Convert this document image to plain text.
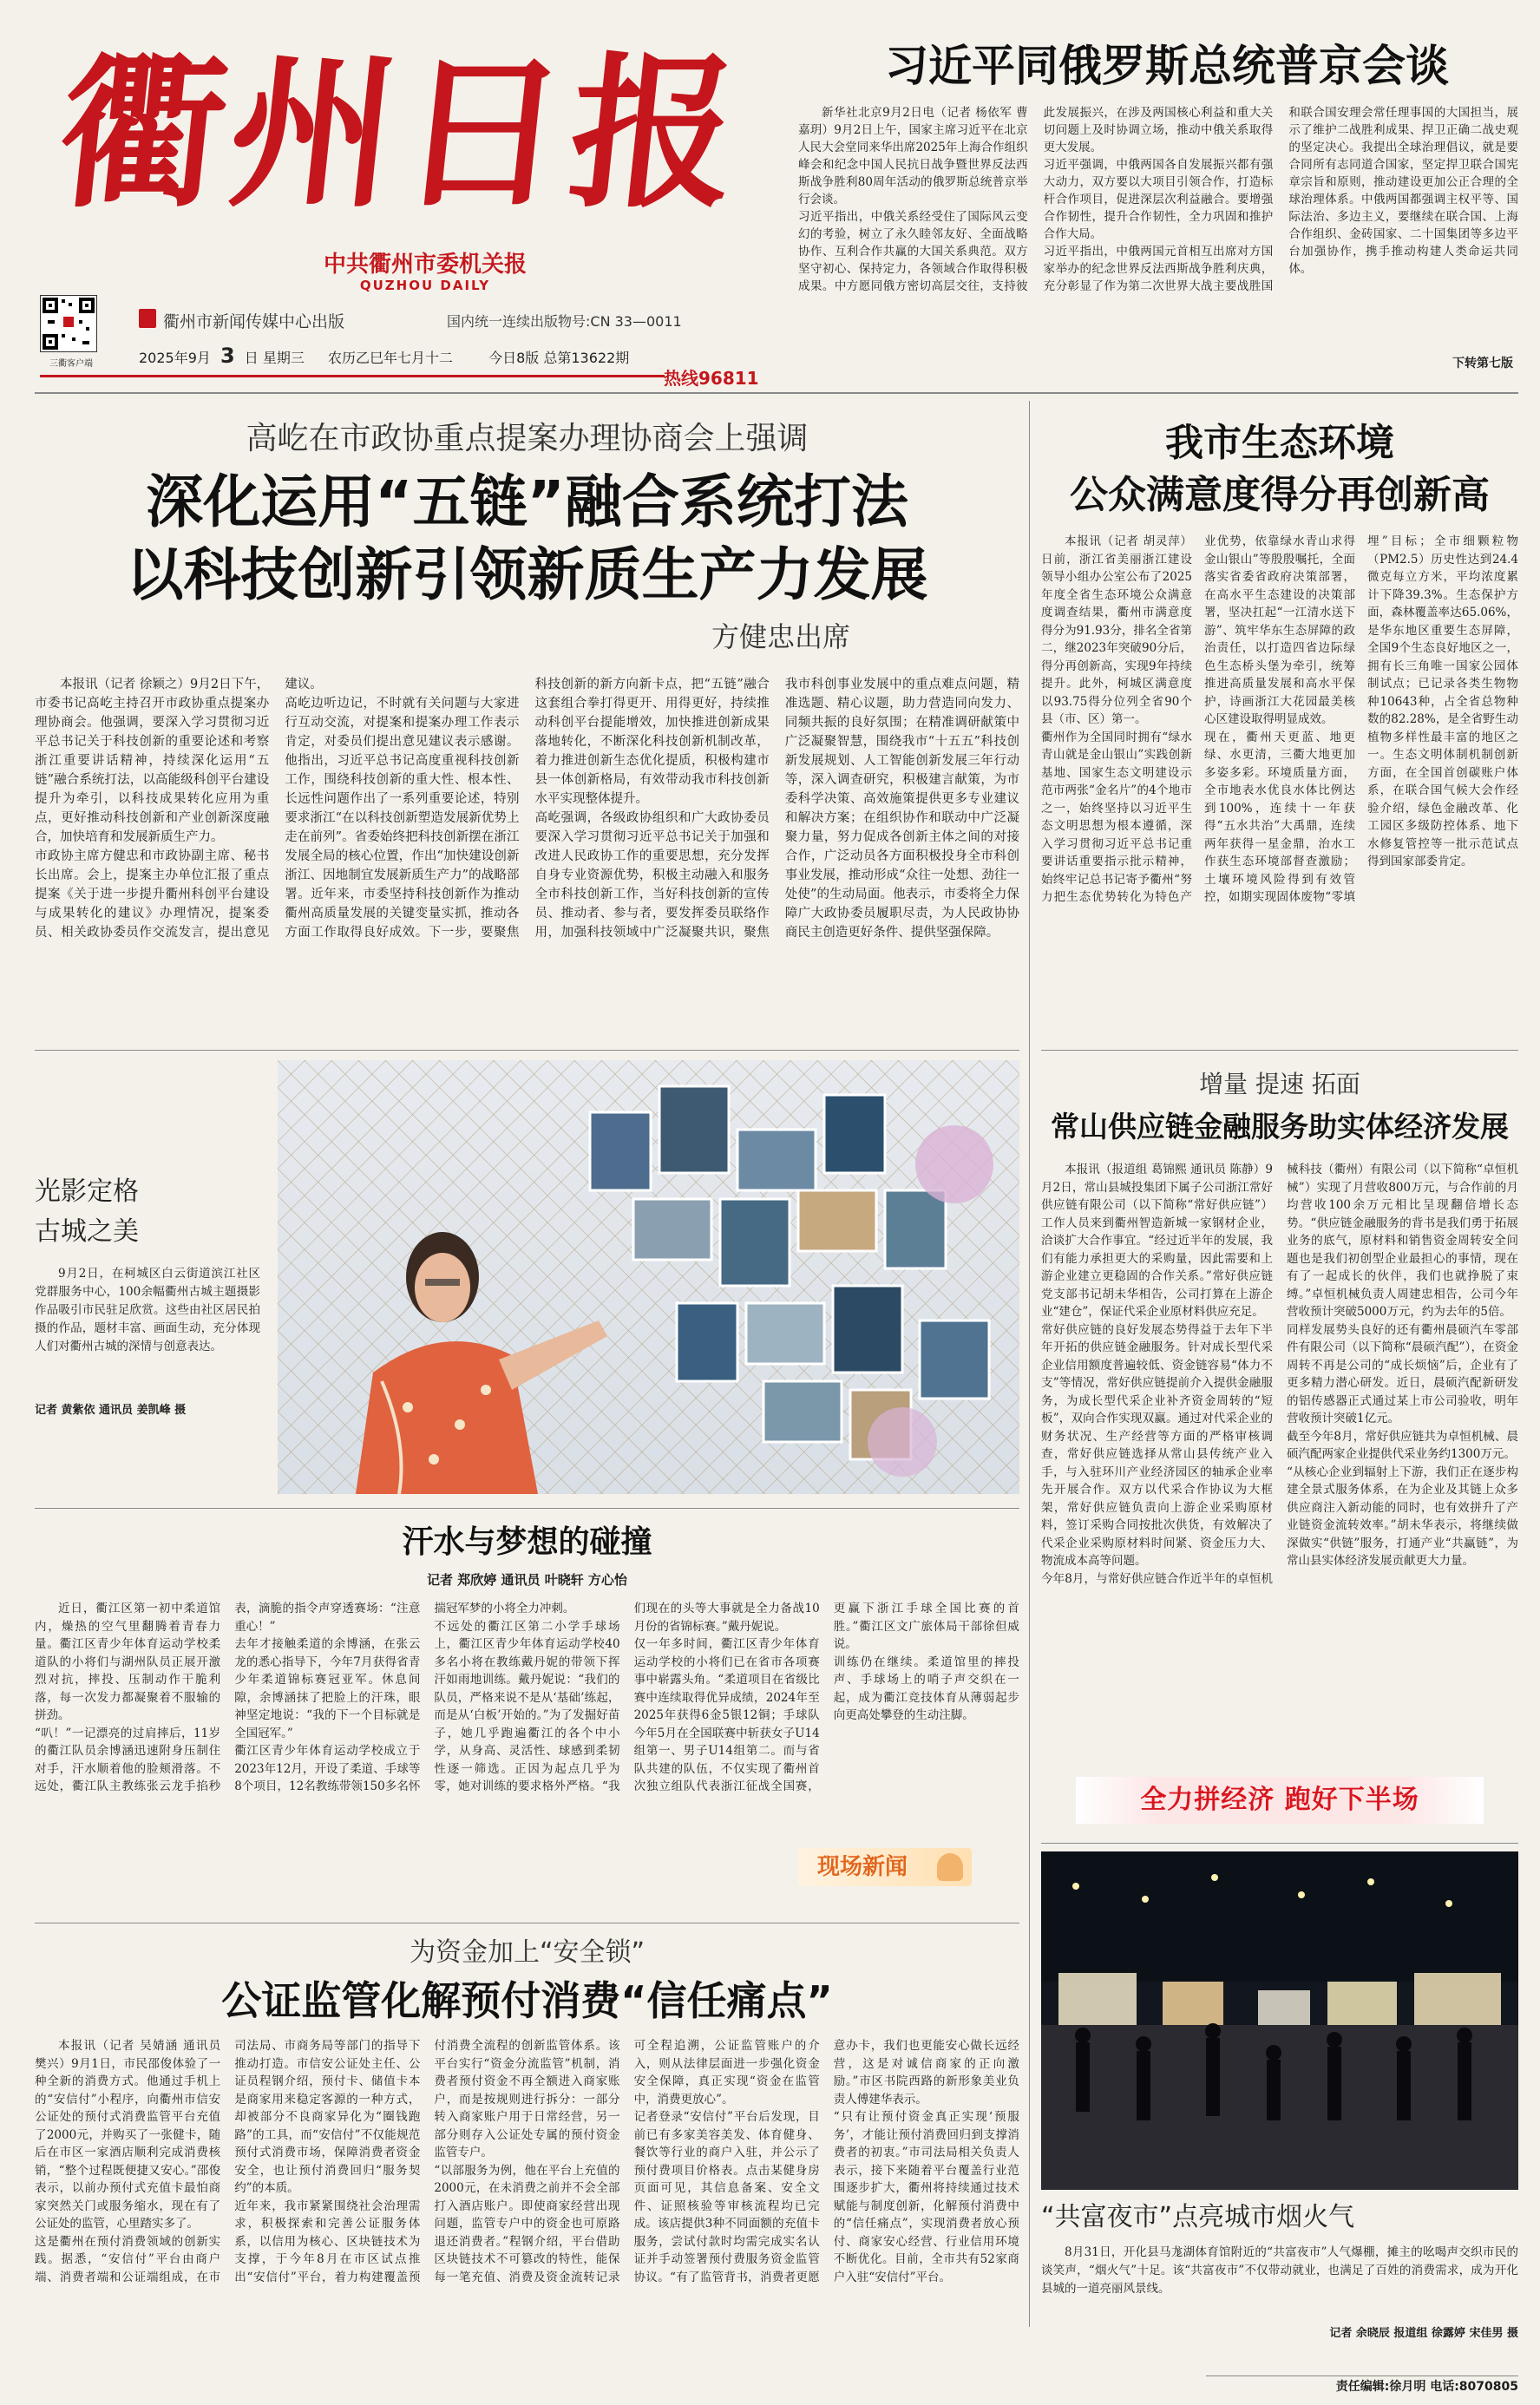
衢州日报
中共衢州市委机关报
QUZHOU DAILY
三衢客户端
衢州市新闻传媒中心出版	国内统一连续出版物号:CN 33—0011
2025年9月 3 日 星期三 农历乙巳年七月十二	今日8版 总第13622期
热线96811
习近平同俄罗斯总统普京会谈
新华社北京9月2日电（记者 杨依军 曹嘉玥）9月2日上午，国家主席习近平在北京人民大会堂同来华出席2025年上海合作组织峰会和纪念中国人民抗日战争暨世界反法西斯战争胜利80周年活动的俄罗斯总统普京举行会谈。
习近平指出，中俄关系经受住了国际风云变幻的考验，树立了永久睦邻友好、全面战略协作、互利合作共赢的大国关系典范。双方坚守初心、保持定力，各领域合作取得积极成果。中方愿同俄方密切高层交往，支持彼此发展振兴，在涉及两国核心利益和重大关切问题上及时协调立场，推动中俄关系取得更大发展。
习近平强调，中俄两国各自发展振兴都有强大动力，双方要以大项目引领合作，打造标杆合作项目，促进深层次利益融合。要增强合作韧性，提升合作韧性，全力巩固和推护合作大局。
习近平指出，中俄两国元首相互出席对方国家举办的纪念世界反法西斯战争胜利庆典，充分彰显了作为第二次世界大战主要战胜国和联合国安理会常任理事国的大国担当，展示了维护二战胜利成果、捍卫正确二战史观的坚定决心。我提出全球治理倡议，就是要合同所有志同道合国家，坚定捍卫联合国宪章宗旨和原则，推动建设更加公正合理的全球治理体系。中俄两国都强调主权平等、国际法治、多边主义，要继续在联合国、上海合作组织、金砖国家、二十国集团等多边平台加强协作，携手推动构建人类命运共同体。
下转第七版
高屹在市政协重点提案办理协商会上强调
深化运用“五链”融合系统打法
以科技创新引领新质生产力发展
方健忠出席
本报讯（记者 徐颖之）9月2日下午，市委书记高屹主持召开市政协重点提案办理协商会。他强调，要深入学习贯彻习近平总书记关于科技创新的重要论述和考察浙江重要讲话精神，持续深化运用“五链”融合系统打法，以高能级科创平台建设提升为牵引，以科技成果转化应用为重点，更好推动科技创新和产业创新深度融合，加快培育和发展新质生产力。
市政协主席方健忠和市政协副主席、秘书长出席。会上，提案主办单位汇报了重点提案《关于进一步提升衢州科创平台建设与成果转化的建议》办理情况，提案委员、相关政协委员作交流发言，提出意见建议。
高屹边听边记，不时就有关问题与大家进行互动交流，对提案和提案办理工作表示肯定，对委员们提出意见建议表示感谢。他指出，习近平总书记高度重视科技创新工作，围绕科技创新的重大性、根本性、长远性问题作出了一系列重要论述，特别要求浙江“在以科技创新塑造发展新优势上走在前列”。省委始终把科技创新摆在浙江发展全局的核心位置，作出“加快建设创新浙江、因地制宜发展新质生产力”的战略部署。近年来，市委坚持科技创新作为推动衢州高质量发展的关键变量实抓，推动各方面工作取得良好成效。下一步，要聚焦科技创新的新方向新卡点，把“五链”融合这套组合拳打得更开、用得更好，持续推动科创平台提能增效，加快推进创新成果落地转化，不断深化科技创新机制改革，着力推进创新生态优化提质，积极构建市县一体创新格局，有效带动我市科技创新水平实现整体提升。
高屹强调，各级政协组织和广大政协委员要深入学习贯彻习近平总书记关于加强和改进人民政协工作的重要思想，充分发挥自身专业资源优势，积极主动融入和服务全市科技创新工作，当好科技创新的宣传员、推动者、参与者，要发挥委员联络作用，加强科技领域中广泛凝聚共识，聚焦我市科创事业发展中的重点难点问题，精准选题、精心议题，助力营造同向发力、同频共振的良好氛围；在精准调研献策中广泛凝聚智慧，围绕我市“十五五”科技创新发展规划、人工智能创新发展三年行动等，深入调查研究，积极建言献策，为市委科学决策、高效施策提供更多专业建议和解决方案；在组织协作和联动中广泛凝聚力量，努力促成各创新主体之间的对接合作，广泛动员各方面积极投身全市科创事业发展，推动形成“众往一处想、劲往一处使”的生动局面。他表示，市委将全力保障广大政协委员履职尽责，为人民政协协商民主创造更好条件、提供坚强保障。
我市生态环境
公众满意度得分再创新高
本报讯（记者 胡灵萍）日前，浙江省美丽浙江建设领导小组办公室公布了2025年度全省生态环境公众满意度调查结果，衢州市满意度得分为91.93分，排名全省第二，继2023年突破90分后，得分再创新高，实现9年持续提升。此外，柯城区满意度以93.75得分位列全省90个县（市、区）第一。
衢州作为全国同时拥有“绿水青山就是金山银山”实践创新基地、国家生态文明建设示范市两张“金名片”的4个地市之一，始终坚持以习近平生态文明思想为根本遵循，深入学习贯彻习近平总书记重要讲话重要指示批示精神，始终牢记总书记寄予衢州“努力把生态优势转化为特色产业优势，依靠绿水青山求得金山银山”等殷殷嘱托，全面落实省委省政府决策部署，在高水平生态建设的决策部署，坚决扛起“一江清水送下游”、筑牢华东生态屏障的政治责任，以打造四省边际绿色生态桥头堡为牵引，统筹推进高质量发展和高水平保护，诗画浙江大花园最美核心区建设取得明显成效。
现在，衢州天更蓝、地更绿、水更清，三衢大地更加多姿多彩。环境质量方面，全市地表水优良水体比例达到100%，连续十一年获得“五水共治”大禹鼎，连续两年获得一星金鼎，治水工作获生态环境部督查激励；土壤环境风险得到有效管控，如期实现固体废物“零填埋”目标；全市细颗粒物（PM2.5）历史性达到24.4微克每立方米，平均浓度累计下降39.3%。生态保护方面，森林覆盖率达65.06%，是华东地区重要生态屏障，全国9个生态良好地区之一，拥有长三角唯一国家公园体制试点；已记录各类生物物种10643种，占全省总物种数的82.28%，是全省野生动植物多样性最丰富的地区之一。生态文明体制机制创新方面，在全国首创碳账户体系，在联合国气候大会作经验介绍，绿色金融改革、化工园区多级防控体系、地下水修复管控等一批示范试点得到国家部委肯定。
光影定格
古城之美
9月2日，在柯城区白云街道滨江社区党群服务中心，100余幅衢州古城主题摄影作品吸引市民驻足欣赏。这些由社区居民拍摄的作品，题材丰富、画面生动，充分体现人们对衢州古城的深情与创意表达。
记者 黄紫依 通讯员 姜凯峰 摄
增量 提速 拓面
常山供应链金融服务助实体经济发展
本报讯（报道组 葛锦熙 通讯员 陈静）9月2日，常山县城投集团下属子公司浙江常好供应链有限公司（以下简称“常好供应链”）工作人员来到衢州智造新城一家钢材企业，洽谈扩大合作事宜。“经过近半年的发展，我们有能力承担更大的采购量，因此需要和上游企业建立更稳固的合作关系。”常好供应链党支部书记胡未华相告，公司打算在上游企业“建仓”，保证代采企业原材料供应充足。
常好供应链的良好发展态势得益于去年下半年开拓的供应链金融服务。针对成长型代采企业信用额度普遍较低、资金链容易“体力不支”等情况，常好供应链提前介入提供金融服务，为成长型代采企业补齐资金周转的“短板”，双向合作实现双赢。通过对代采企业的财务状况、生产经营等方面的严格审核调查，常好供应链选择从常山县传统产业入手，与入驻环川产业经济园区的轴承企业率先开展合作。双方以代采合作协议为大框架，常好供应链负责向上游企业采购原材料，签订采购合同按批次供货，有效解决了代采企业采购原材料时间紧、资金压力大、物流成本高等问题。
今年8月，与常好供应链合作近半年的卓恒机械科技（衢州）有限公司（以下简称“卓恒机械”）实现了月营收800万元，与合作前的月均营收100余万元相比呈现翻倍增长态势。“供应链金融服务的背书是我们勇于拓展业务的底气，原材料和销售资金周转安全问题也是我们初创型企业最担心的事情，现在有了一起成长的伙伴，我们也就挣脱了束缚。”卓恒机械负责人周建忠相告，公司今年营收预计突破5000万元，约为去年的5倍。
同样发展势头良好的还有衢州晨硕汽车零部件有限公司（以下简称“晨硕汽配”），在资金周转不再是公司的“成长烦恼”后，企业有了更多精力潜心研发。近日，晨硕汽配新研发的铝传感器正式通过某上市公司验收，明年营收预计突破1亿元。
截至今年8月，常好供应链共为卓恒机械、晨硕汽配两家企业提供代采业务约1300万元。
“从核心企业到辐射上下游，我们正在逐步构建全景式服务体系，在为企业及其链上众多供应商注入新动能的同时，也有效拼升了产业链资金流转效率。”胡未华表示，将继续做深做实“供链”服务，打通产业“共赢链”，为常山县实体经济发展贡献更大力量。
全力拼经济 跑好下半场
汗水与梦想的碰撞
记者 郑欣婷 通讯员 叶晓轩 方心怡
近日，衢江区第一初中柔道馆内，燥热的空气里翻腾着青春力量。衢江区青少年体育运动学校柔道队的小将们与湖州队员正展开激烈对抗，摔投、压制动作干脆利落，每一次发力都凝聚着不服输的拼劲。
“叭！”一记漂亮的过肩摔后，11岁的衢江队员余博涵迅速附身压制住对手，汗水顺着他的脸颊滑落。不远处，衢江队主教练张云龙手掐秒表，滴脆的指令声穿透赛场：“注意重心！”
去年才接触柔道的余博涵，在张云龙的悉心指导下，今年7月获得省青少年柔道锦标赛冠亚军。休息间隙，余博涵抹了把脸上的汗珠，眼神坚定地说：“我的下一个目标就是全国冠军。”
衢江区青少年体育运动学校成立于2023年12月，开设了柔道、手球等8个项目，12名教练带领150多名怀揣冠军梦的小将全力冲刺。
不远处的衢江区第二小学手球场上，衢江区青少年体育运动学校40多名小将在教练戴丹妮的带领下挥汗如雨地训练。戴丹妮说：“我们的队员，严格来说不是从‘基础’练起，而是从‘白板’开始的。”为了发掘好苗子，她几乎跑遍衢江的各个中小学，从身高、灵活性、球感到柔韧性逐一筛选。正因为起点几乎为零，她对训练的要求格外严格。“我们现在的头等大事就是全力备战10月份的省锦标赛。”戴丹妮说。
仅一年多时间，衢江区青少年体育运动学校的小将们已在省市各项赛事中崭露头角。“柔道项目在省级比赛中连续取得优异成绩，2024年至2025年获得6金5银12铜；手球队今年5月在全国联赛中斩获女子U14组第一、男子U14组第二。而与省队共建的队伍，不仅实现了衢州首次独立组队代表浙江征战全国赛，更赢下浙江手球全国比赛的首胜。”衢江区文广旅体局干部徐但威说。
训练仍在继续。柔道馆里的摔投声、手球场上的哨子声交织在一起，成为衢江竞技体育从薄弱起步向更高处攀登的生动注脚。
现场新闻
为资金加上“安全锁”
公证监管化解预付消费“信任痛点”
本报讯（记者 吴婧涵 通讯员 樊兴）9月1日，市民邵俊体验了一种全新的消费方式。他通过手机上的“安信付”小程序，向衢州市信安公证处的预付式消费监管平台充值了2000元，并购买了一张健卡，随后在市区一家酒店顺利完成消费核销，“整个过程既便捷又安心。”邵俊表示，以前办预付式充值卡最怕商家突然关门或服务缩水，现在有了公证处的监管，心里踏实多了。
这是衢州在预付消费领域的创新实践。据悉，“安信付”平台由商户端、消费者端和公证端组成，在市司法局、市商务局等部门的指导下推动打造。市信安公证处主任、公证员程钢介绍，预付卡、储值卡本是商家用来稳定客源的一种方式，却被部分不良商家异化为“圈钱跑路”的工具，而“安信付”不仅能规范预付式消费市场，保障消费者资金安全，也让预付消费回归“服务契约”的本质。
近年来，我市紧紧围绕社会治理需求，积极探索和完善公证服务体系，以信用为核心、区块链技术为支撑，于今年8月在市区试点推出“安信付”平台，着力构建覆盖预付消费全流程的创新监管体系。该平台实行“资金分流监管”机制，消费者预付资金不再全额进入商家账户，而是按规则进行拆分：一部分转入商家账户用于日常经营，另一部分则存入公证处专属的预付资金监管专户。
“以部服务为例，他在平台上充值的2000元，在未消费之前并不会全部打入酒店账户。即使商家经营出现问题，监管专户中的资金也可原路退还消费者。”程钢介绍，平台借助区块链技术不可篡改的特性，能保每一笔充值、消费及资金流转记录可全程追溯，公证监管账户的介入，则从法律层面进一步强化资金安全保障，真正实现“资金在监管中，消费更放心”。
记者登录“安信付”平台后发现，目前已有多家美容美发、体育健身、餐饮等行业的商户入驻，并公示了预付费项目价格表。点击某健身房页面可见，其信息备案、安全文件、证照核验等审核流程均已完成。该店提供3种不同面额的充值卡服务，尝试付款时均需完成实名认证并手动签署预付费服务资金监管协议。“有了监管背书，消费者更愿意办卡，我们也更能安心做长远经营，这是对诚信商家的正向激励。”市区书院西路的新形象美业负责人傅建华表示。
“只有让预付资金真正实现‘预服务’，才能让预付消费回归到支撑消费者的初衷。”市司法局相关负责人表示，接下来随着平台覆盖行业范围逐步扩大，衢州将持续通过技术赋能与制度创新，化解预付消费中的“信任痛点”，实现消费者放心预付、商家安心经营、行业信用环境不断优化。目前，全市共有52家商户入驻“安信付”平台。
“共富夜市”点亮城市烟火气
8月31日，开化县马尨湖体育馆附近的“共富夜市”人气爆棚，摊主的吆喝声交织市民的谈笑声，“烟火气”十足。该“共富夜市”不仅带动就业，也满足了百姓的消费需求，成为开化县城的一道亮丽风景线。
记者 余晓辰 报道组 徐露婷 宋佳男 摄
责任编辑:徐月明 电话:8070805
